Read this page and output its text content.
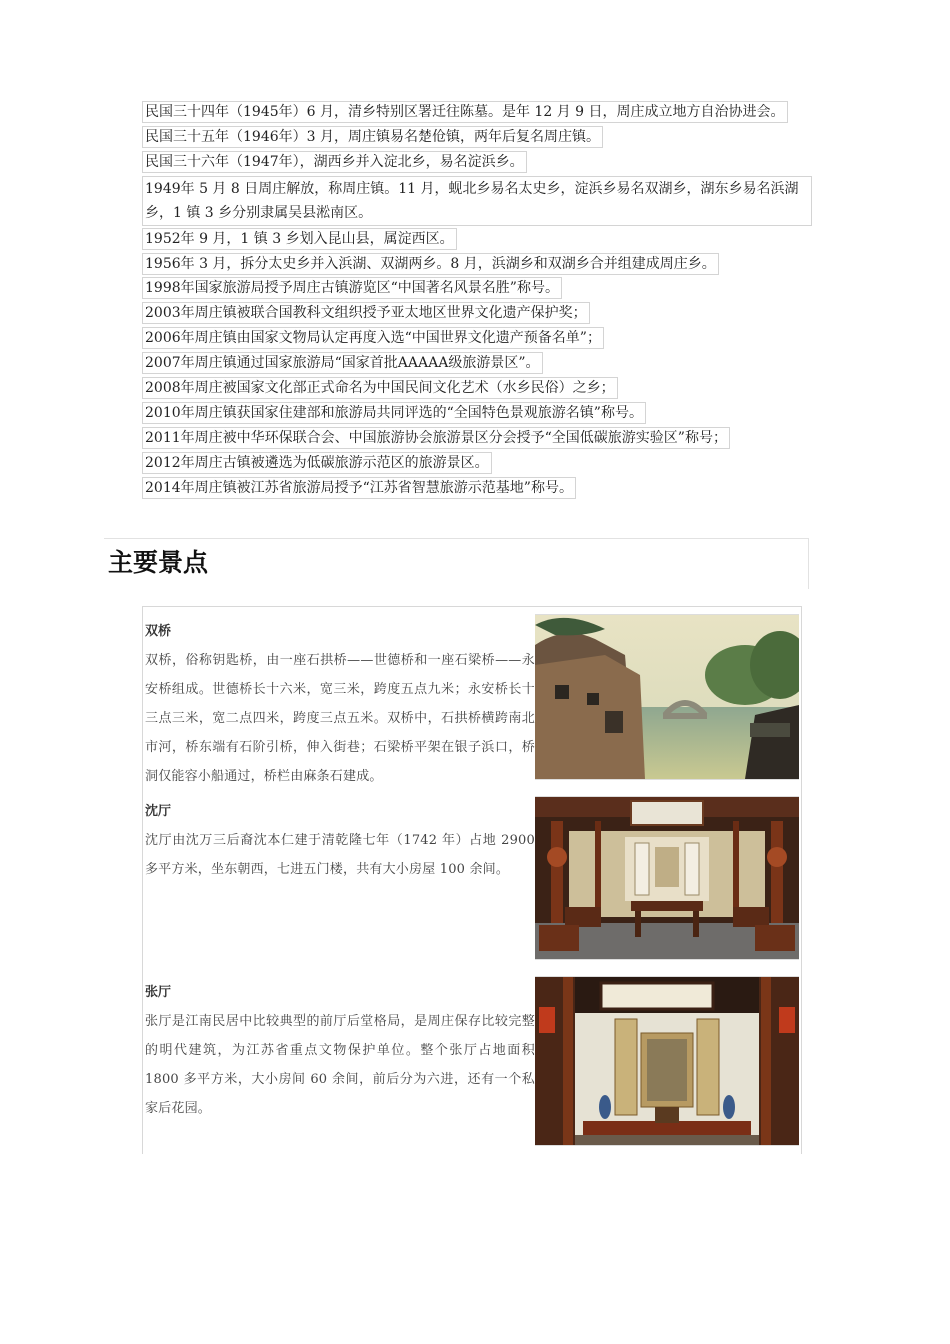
民国三十四年（1945年）6 月，清乡特别区署迁往陈墓。是年 12 月 9 日，周庄成立地方自治协进会。
民国三十五年（1946年）3 月，周庄镇易名楚伧镇，两年后复名周庄镇。
民国三十六年（1947年），湖西乡并入淀北乡，易名淀浜乡。
1949年 5 月 8 日周庄解放，称周庄镇。11 月，蚬北乡易名太史乡，淀浜乡易名双湖乡，湖东乡易名浜湖乡，1 镇 3 乡分别隶属吴县淞南区。
1952年 9 月，1 镇 3 乡划入昆山县，属淀西区。
1956年 3 月，拆分太史乡并入浜湖、双湖两乡。8 月，浜湖乡和双湖乡合并组建成周庄乡。
1998年国家旅游局授予周庄古镇游览区“中国著名风景名胜”称号。
2003年周庄镇被联合国教科文组织授予亚太地区世界文化遗产保护奖；
2006年周庄镇由国家文物局认定再度入选“中国世界文化遗产预备名单”；
2007年周庄镇通过国家旅游局“国家首批AAAAA级旅游景区”。
2008年周庄被国家文化部正式命名为中国民间文化艺术（水乡民俗）之乡；
2010年周庄镇获国家住建部和旅游局共同评选的“全国特色景观旅游名镇”称号。
2011年周庄被中华环保联合会、中国旅游协会旅游景区分会授予“全国低碳旅游实验区”称号；
2012年周庄古镇被遴选为低碳旅游示范区的旅游景区。
2014年周庄镇被江苏省旅游局授予“江苏省智慧旅游示范基地”称号。
主要景点
双桥
双桥，俗称钥匙桥，由一座石拱桥——世德桥和一座石梁桥——永安桥组成。世德桥长十六米，宽三米，跨度五点九米；永安桥长十三点三米，宽二点四米，跨度三点五米。双桥中，石拱桥横跨南北市河，桥东端有石阶引桥，伸入街巷；石梁桥平架在银子浜口，桥洞仅能容小船通过，桥栏由麻条石建成。
沈厅
沈厅由沈万三后裔沈本仁建于清乾隆七年（1742 年）占地 2900 多平方米，坐东朝西，七进五门楼，共有大小房屋 100 余间。
张厅
张厅是江南民居中比较典型的前厅后堂格局，是周庄保存比较完整的明代建筑，为江苏省重点文物保护单位。整个张厅占地面积 1800 多平方米，大小房间 60 余间，前后分为六进，还有一个私家后花园。
